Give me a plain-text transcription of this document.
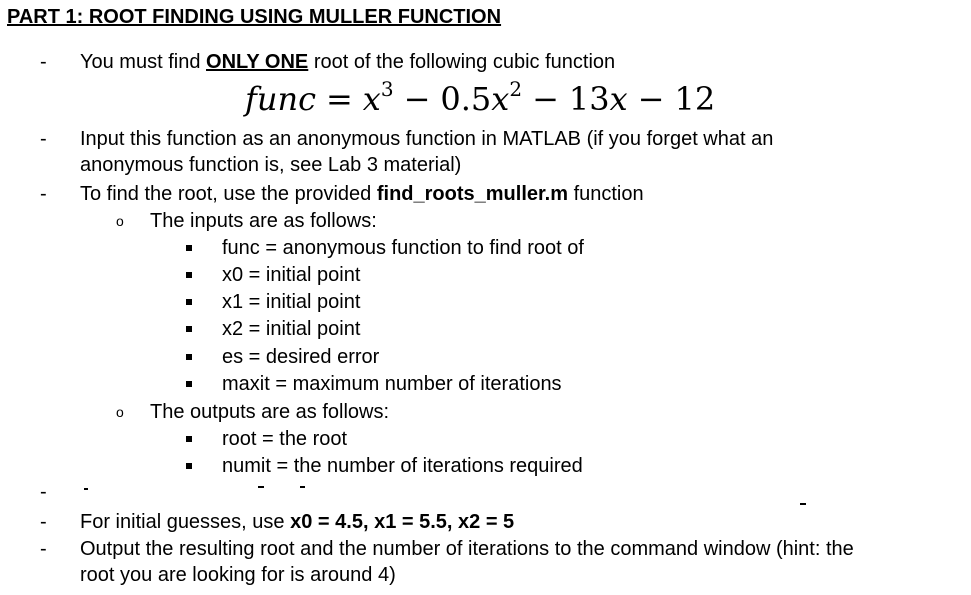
PART 1: ROOT FINDING USING MULLER FUNCTION
- You must find ONLY ONE root of the following cubic function
func = $x^3 - 0.5x^2 - 13x - 12$
- Input this function as an anonymous function in MATLAB (if you forget what an
anonymous function is, see Lab 3 material)
- To find the root, use the provided find_roots_muller.m function
o The inputs are as follows:
func = anonymous function to find root of
x0 = initial point
x1 = initial point
x2 = initial point
es = desired error
maxit = maximum number of iterations
o The outputs are as follows:
root = the root
numit = the number of iterations required
-
- For initial guesses, use x0 = 4.5, x1 = 5.5, x2 = 5
- Output the resulting root and the number of iterations to the command window (hint: the
root you are looking for is around 4)
